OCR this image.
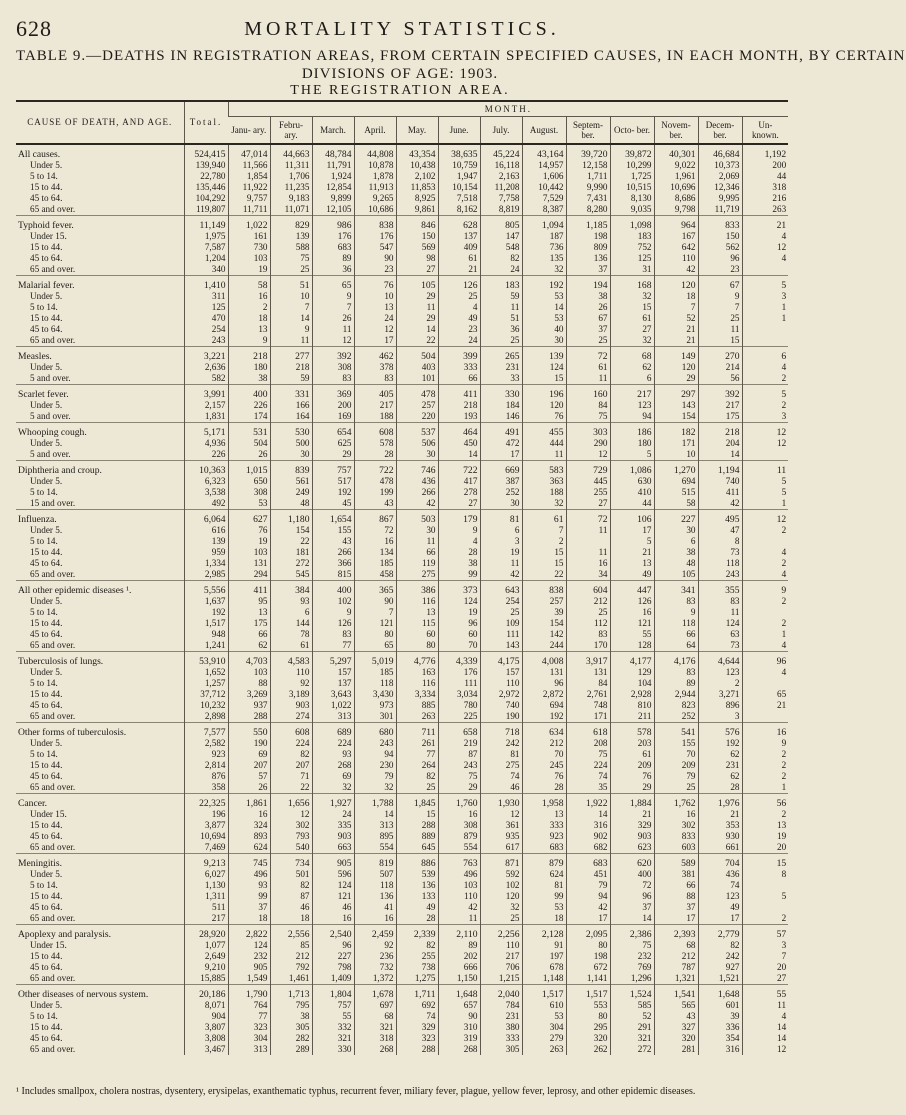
628	MORTALITY STATISTICS.
TABLE 9.—DEATHS IN REGISTRATION AREAS, FROM CERTAIN SPECIFIED CAUSES, IN EACH MONTH, BY CERTAIN
DIVISIONS OF AGE: 1903.
THE REGISTRATION AREA.
CAUSE OF DEATH, AND AGE.	Total.	MONTH.												
		Janu- ary.	Febru- ary.	March.	April.	May.	June.	July.	August.	Septem- ber.	Octo- ber.	Novem- ber.	Decem- ber.	Un- known.
All causes.	524,415	47,014	44,663	48,784	44,808	43,354	38,635	45,224	43,164	39,720	39,872	40,301	46,684	1,192
Under 5.	139,940	11,566	11,311	11,791	10,878	10,438	10,759	16,118	14,957	12,158	10,299	9,022	10,373	200
5 to 14.	22,780	1,854	1,706	1,924	1,878	2,102	1,947	2,163	1,606	1,711	1,725	1,961	2,069	44
15 to 44.	135,446	11,922	11,235	12,854	11,913	11,853	10,154	11,208	10,442	9,990	10,515	10,696	12,346	318
45 to 64.	104,292	9,757	9,183	9,899	9,265	8,925	7,518	7,758	7,529	7,431	8,130	8,686	9,995	216
65 and over.	119,807	11,711	11,071	12,105	10,686	9,861	8,162	8,819	8,387	8,280	9,035	9,798	11,719	263
Typhoid fever.	11,149	1,022	829	986	838	846	628	805	1,094	1,185	1,098	964	833	21
Under 15.	1,975	161	139	176	176	150	137	147	187	198	183	167	150	4
15 to 44.	7,587	730	588	683	547	569	409	548	736	809	752	642	562	12
45 to 64.	1,204	103	75	89	90	98	61	82	135	136	125	110	96	4
65 and over.	340	19	25	36	23	27	21	24	32	37	31	42	23	
Malarial fever.	1,410	58	51	65	76	105	126	183	192	194	168	120	67	5
Under 5.	311	16	10	9	10	29	25	59	53	38	32	18	9	3
5 to 14.	125	2	7	7	13	11	4	11	14	26	15	7	7	1
15 to 44.	470	18	14	26	24	29	49	51	53	67	61	52	25	1
45 to 64.	254	13	9	11	12	14	23	36	40	37	27	21	11	
65 and over.	243	9	11	12	17	22	24	25	30	25	32	21	15	
Measles.	3,221	218	277	392	462	504	399	265	139	72	68	149	270	6
Under 5.	2,636	180	218	308	378	403	333	231	124	61	62	120	214	4
5 and over.	582	38	59	83	83	101	66	33	15	11	6	29	56	2
Scarlet fever.	3,991	400	331	369	405	478	411	330	196	160	217	297	392	5
Under 5.	2,157	226	166	200	217	257	218	184	120	84	123	143	217	2
5 and over.	1,831	174	164	169	188	220	193	146	76	75	94	154	175	3
Whooping cough.	5,171	531	530	654	608	537	464	491	455	303	186	182	218	12
Under 5.	4,936	504	500	625	578	506	450	472	444	290	180	171	204	12
5 and over.	226	26	30	29	28	30	14	17	11	12	5	10	14	
Diphtheria and croup.	10,363	1,015	839	757	722	746	722	669	583	729	1,086	1,270	1,194	11
Under 5.	6,323	650	561	517	478	436	417	387	363	445	630	694	740	5
5 to 14.	3,538	308	249	192	199	266	278	252	188	255	410	515	411	5
15 and over.	492	53	48	45	43	42	27	30	32	27	44	58	42	1
Influenza.	6,064	627	1,180	1,654	867	503	179	81	61	72	106	227	495	12
Under 5.	616	76	154	155	72	30	9	6	7	11	17	30	47	2
5 to 14.	139	19	22	43	16	11	4	3	2		5	6	8	
15 to 44.	959	103	181	266	134	66	28	19	15	11	21	38	73	4
45 to 64.	1,334	131	272	366	185	119	38	11	15	16	13	48	118	2
65 and over.	2,985	294	545	815	458	275	99	42	22	34	49	105	243	4
All other epidemic diseases ¹.	5,556	411	384	400	365	386	373	643	838	604	447	341	355	9
Under 5.	1,637	95	93	102	90	116	124	254	257	212	126	83	83	2
5 to 14.	192	13	6	9	7	13	19	25	39	25	16	9	11	
15 to 44.	1,517	175	144	126	121	115	96	109	154	112	121	118	124	2
45 to 64.	948	66	78	83	80	60	60	111	142	83	55	66	63	1
65 and over.	1,241	62	61	77	65	80	70	143	244	170	128	64	73	4
Tuberculosis of lungs.	53,910	4,703	4,583	5,297	5,019	4,776	4,339	4,175	4,008	3,917	4,177	4,176	4,644	96
Under 5.	1,652	103	110	157	185	163	176	157	131	131	129	83	123	4
5 to 14.	1,257	88	92	137	118	116	111	110	96	84	104	89	2	
15 to 44.	37,712	3,269	3,189	3,643	3,430	3,334	3,034	2,972	2,872	2,761	2,928	2,944	3,271	65
45 to 64.	10,232	937	903	1,022	973	885	780	740	694	748	810	823	896	21
65 and over.	2,898	288	274	313	301	263	225	190	192	171	211	252	3	
Other forms of tuberculosis.	7,577	550	608	689	680	711	658	718	634	618	578	541	576	16
Under 5.	2,582	190	224	224	243	261	219	242	212	208	203	155	192	9
5 to 14.	923	69	82	93	94	77	87	81	70	75	61	70	62	2
15 to 44.	2,814	207	207	268	230	264	243	275	245	224	209	209	231	2
45 to 64.	876	57	71	69	79	82	75	74	76	74	76	79	62	2
65 and over.	358	26	22	32	32	25	29	46	28	35	29	25	28	1
Cancer.	22,325	1,861	1,656	1,927	1,788	1,845	1,760	1,930	1,958	1,922	1,884	1,762	1,976	56
Under 15.	196	16	12	24	14	15	16	12	13	14	21	16	21	2
15 to 44.	3,877	324	302	335	313	288	308	361	333	316	329	302	353	13
45 to 64.	10,694	893	793	903	895	889	879	935	923	902	903	833	930	19
65 and over.	7,469	624	540	663	554	645	554	617	683	682	623	603	661	20
Meningitis.	9,213	745	734	905	819	886	763	871	879	683	620	589	704	15
Under 5.	6,027	496	501	596	507	539	496	592	624	451	400	381	436	8
5 to 14.	1,130	93	82	124	118	136	103	102	81	79	72	66	74	
15 to 44.	1,311	99	87	121	136	133	110	120	99	94	96	88	123	5
45 to 64.	511	37	46	46	41	49	42	32	53	42	37	37	49	
65 and over.	217	18	18	16	16	28	11	25	18	17	14	17	17	2
Apoplexy and paralysis.	28,920	2,822	2,556	2,540	2,459	2,339	2,110	2,256	2,128	2,095	2,386	2,393	2,779	57
Under 15.	1,077	124	85	96	92	82	89	110	91	80	75	68	82	3
15 to 44.	2,649	232	212	227	236	255	202	217	197	198	232	212	242	7
45 to 64.	9,210	905	792	798	732	738	666	706	678	672	769	787	927	20
65 and over.	15,885	1,549	1,461	1,409	1,372	1,275	1,150	1,215	1,148	1,141	1,296	1,321	1,521	27
Other diseases of nervous system.	20,186	1,790	1,713	1,804	1,678	1,711	1,648	2,040	1,517	1,517	1,524	1,541	1,648	55
Under 5.	8,071	764	795	757	697	692	657	784	610	553	585	565	601	11
5 to 14.	904	77	38	55	68	74	90	231	53	80	52	43	39	4
15 to 44.	3,807	323	305	332	321	329	310	380	304	295	291	327	336	14
45 to 64.	3,808	304	282	321	318	323	319	333	279	320	321	320	354	14
65 and over.	3,467	313	289	330	268	288	268	305	263	262	272	281	316	12
¹ Includes smallpox, cholera nostras, dysentery, erysipelas, exanthematic typhus, recurrent fever, miliary fever, plague, yellow fever, leprosy, and other epidemic diseases.
